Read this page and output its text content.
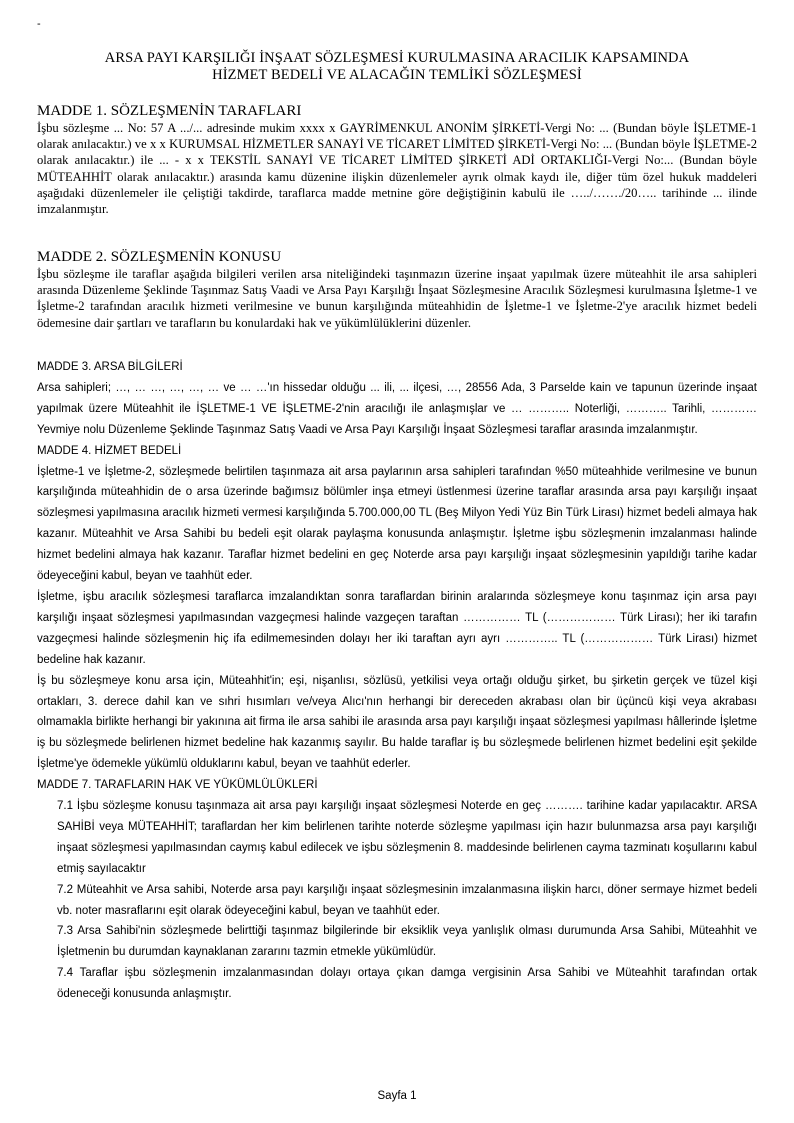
-
ARSA PAYI KARŞILIĞI İNŞAAT SÖZLEŞMESİ KURULMASINA ARACILIK KAPSAMINDA
HİZMET BEDELİ VE ALACAĞIN TEMLİKİ SÖZLEŞMESİ
MADDE 1. SÖZLEŞMENİN TARAFLARI

İşbu sözleşme ... No: 57 A .../... adresinde mukim xxxx x GAYRİMENKUL ANONİM ŞİRKETİ-Vergi No: ... (Bundan böyle İŞLETME-1 olarak anılacaktır.) ve x x KURUMSAL HİZMETLER SANAYİ VE TİCARET LİMİTED ŞİRKETİ-Vergi No: ... (Bundan böyle İŞLETME-2 olarak anılacaktır.) ile ... - x x TEKSTİL SANAYİ VE TİCARET LİMİTED ŞİRKETİ ADİ ORTAKLIĞI-Vergi No:... (Bundan böyle MÜTEAHHİT olarak anılacaktır.) arasında kamu düzenine ilişkin düzenlemeler ayrık olmak kaydı ile, diğer tüm özel hukuk maddeleri aşağıdaki düzenlemeler ile çeliştiği takdirde, taraflarca madde metnine göre değiştiğinin kabulü ile …../……./20….. tarihinde ... ilinde imzalanmıştır.

MADDE 2. SÖZLEŞMENİN KONUSU

İşbu sözleşme ile taraflar aşağıda bilgileri verilen arsa niteliğindeki taşınmazın üzerine inşaat yapılmak üzere müteahhit ile arsa sahipleri arasında Düzenleme Şeklinde Taşınmaz Satış Vaadi ve Arsa Payı Karşılığı İnşaat Sözleşmesine Aracılık Sözleşmesi kurulmasına İşletme-1 ve İşletme-2 tarafından aracılık hizmeti verilmesine ve bunun karşılığında müteahhidin de İşletme-1 ve İşletme-2'ye aracılık hizmet bedeli ödemesine dair şartları ve tarafların bu konulardaki hak ve yükümlülüklerini düzenler.

MADDE 3. ARSA BİLGİLERİ

Arsa sahipleri; …, … …, …, …, … ve … …'ın hissedar olduğu ... ili, ... ilçesi, …, 28556 Ada, 3 Parselde kain ve tapunun üzerinde inşaat yapılmak üzere Müteahhit ile İŞLETME-1 VE İŞLETME-2'nin aracılığı ile anlaşmışlar ve … ……….. Noterliği, ……….. Tarihli, ………… Yevmiye nolu Düzenleme Şeklinde Taşınmaz Satış Vaadi ve Arsa Payı Karşılığı İnşaat Sözleşmesi taraflar arasında imzalanmıştır.

MADDE 4. HİZMET BEDELİ

İşletme-1 ve İşletme-2, sözleşmede belirtilen taşınmaza ait arsa paylarının arsa sahipleri tarafından %50 müteahhide verilmesine ve bunun karşılığında müteahhidin de o arsa üzerinde bağımsız bölümler inşa etmeyi üstlenmesi üzerine taraflar arasında arsa payı karşılığı inşaat sözleşmesi yapılmasına aracılık hizmeti vermesi karşılığında 5.700.000,00 TL (Beş Milyon Yedi Yüz Bin Türk Lirası) hizmet bedeli almaya hak kazanır. Müteahhit ve Arsa Sahibi bu bedeli eşit olarak paylaşma konusunda anlaşmıştır. İşletme işbu sözleşmenin imzalanması halinde hizmet bedelini almaya hak kazanır. Taraflar hizmet bedelini en geç Noterde arsa payı karşılığı inşaat sözleşmesinin yapıldığı tarihe kadar ödeyeceğini kabul, beyan ve taahhüt eder.

İşletme, işbu aracılık sözleşmesi taraflarca imzalandıktan sonra taraflardan birinin aralarında sözleşmeye konu taşınmaz için arsa payı karşılığı inşaat sözleşmesi yapılmasından vazgeçmesi halinde vazgeçen taraftan …………… TL (……………… Türk Lirası); her iki tarafın vazgeçmesi halinde sözleşmenin hiç ifa edilmemesinden dolayı her iki taraftan ayrı ayrı ………….. TL (……………… Türk Lirası) hizmet bedeline hak kazanır.

İş bu sözleşmeye konu arsa için, Müteahhit'in; eşi, nişanlısı, sözlüsü, yetkilisi veya ortağı olduğu şirket, bu şirketin gerçek ve tüzel kişi ortakları, 3. derece dahil kan ve sıhri hısımları ve/veya Alıcı'nın herhangi bir dereceden akrabası olan bir üçüncü kişi veya akrabası olmamakla birlikte herhangi bir yakınına ait firma ile arsa sahibi ile arasında arsa payı karşılığı inşaat sözleşmesi yapılması hâllerinde İşletme iş bu sözleşmede belirlenen hizmet bedeline hak kazanmış sayılır. Bu halde taraflar iş bu sözleşmede belirlenen hizmet bedelini eşit şekilde İşletme'ye ödemekle yükümlü olduklarını kabul, beyan ve taahhüt ederler.

MADDE 7. TARAFLARIN HAK VE YÜKÜMLÜLÜKLERİ

7.1 İşbu sözleşme konusu taşınmaza ait arsa payı karşılığı inşaat sözleşmesi Noterde en geç ………. tarihine kadar yapılacaktır. ARSA SAHİBİ veya MÜTEAHHİT; taraflardan her kim belirlenen tarihte noterde sözleşme yapılması için hazır bulunmazsa arsa payı karşılığı inşaat sözleşmesi yapılmasından caymış kabul edilecek ve işbu sözleşmenin 8. maddesinde belirlenen cayma tazminatı koşullarını kabul etmiş sayılacaktır

7.2 Müteahhit ve Arsa sahibi, Noterde arsa payı karşılığı inşaat sözleşmesinin imzalanmasına ilişkin harcı, döner sermaye hizmet bedeli vb. noter masraflarını eşit olarak ödeyeceğini kabul, beyan ve taahhüt eder.

7.3 Arsa Sahibi'nin sözleşmede belirttiği taşınmaz bilgilerinde bir eksiklik veya yanlışlık olması durumunda Arsa Sahibi, Müteahhit ve İşletmenin bu durumdan kaynaklanan zararını tazmin etmekle yükümlüdür.

7.4 Taraflar işbu sözleşmenin imzalanmasından dolayı ortaya çıkan damga vergisinin Arsa Sahibi ve Müteahhit tarafından ortak ödeneceği konusunda anlaşmıştır.

Sayfa 1
